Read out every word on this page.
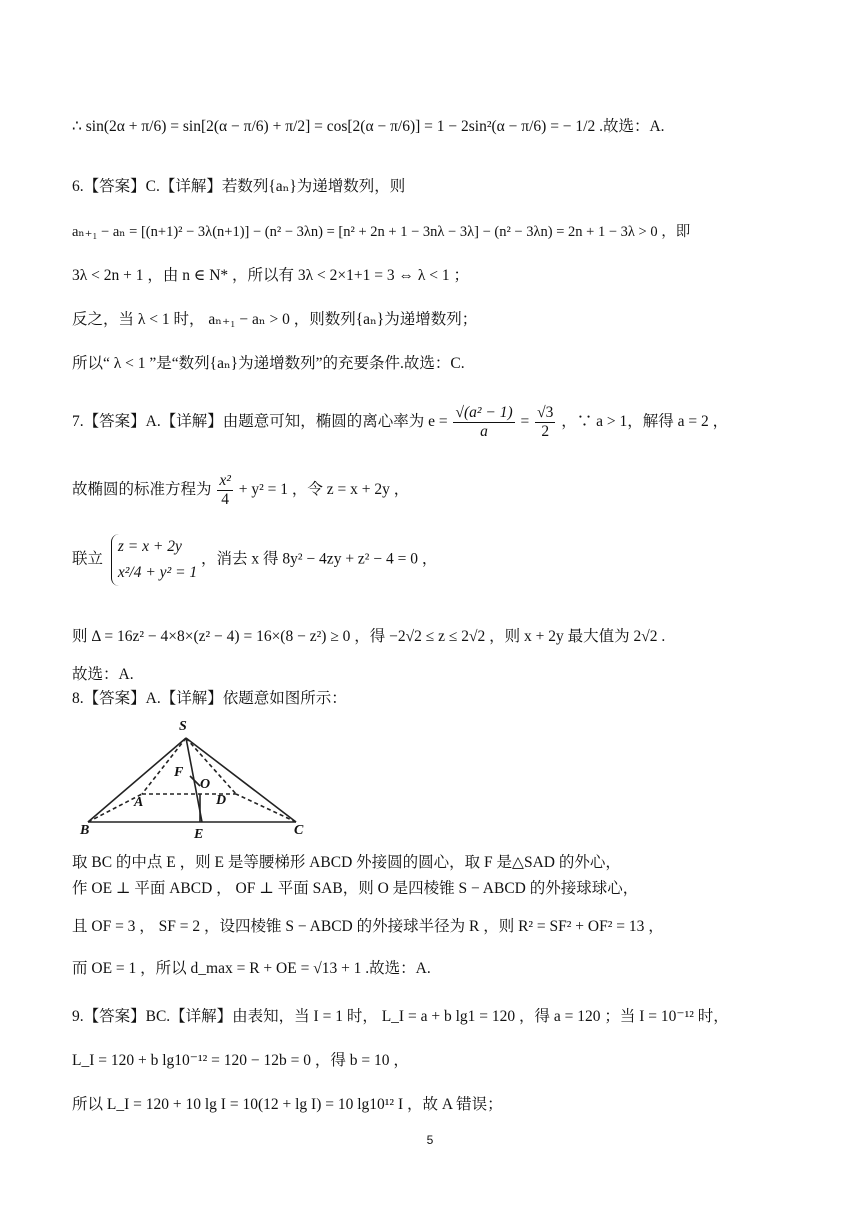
∴ sin(2α + π/6) = sin[2(α − π/6) + π/2] = cos[2(α − π/6)] = 1 − 2sin²(α − π/6) = − 1/2 .故选：A.
6.【答案】C.【详解】若数列{aₙ}为递增数列，则
aₙ₊₁ − aₙ = [(n+1)² − 3λ(n+1)] − (n² − 3λn) = [n² + 2n + 1 − 3nλ − 3λ] − (n² − 3λn) = 2n + 1 − 3λ > 0 ，即
3λ < 2n + 1 ，由 n ∈ N* ，所以有 3λ < 2×1+1 = 3 ⇔ λ < 1 ；
反之，当 λ < 1 时， aₙ₊₁ − aₙ > 0 ，则数列{aₙ}为递增数列；
所以“ λ < 1 ”是“数列{aₙ}为递增数列”的充要条件.故选：C.
7.【答案】A.【详解】由题意可知，椭圆的离心率为 $e = \frac{\text{√(a² − 1)}}{a} = \frac{√3}{2}$ ，∵ a > 1，解得 a = 2 ，
故椭圆的标准方程为 $\frac{\text{x²}}{4} + y^2 = 1$ ，令 z = x + 2y ，
联立
z = x + 2y
x²/4 + y² = 1
，消去 x 得 8y² − 4zy + z² − 4 = 0 ，
则 Δ = 16z² − 4×8×(z² − 4) = 16×(8 − z²) ≥ 0 ，得 −2√2 ≤ z ≤ 2√2 ，则 x + 2y 最大值为 2√2 .
故选：A.
8.【答案】A.【详解】依题意如图所示：
S
F
O
A	D
B	E	C
取 BC 的中点 E ，则 E 是等腰梯形 ABCD 外接圆的圆心，取 F 是△SAD 的外心，
作 OE ⊥ 平面 ABCD ， OF ⊥ 平面 SAB，则 O 是四棱锥 S − ABCD 的外接球球心，
且 OF = 3 ， SF = 2 ，设四棱锥 S − ABCD 的外接球半径为 R ，则 R² = SF² + OF² = 13 ，
而 OE = 1 ，所以 d_max = R + OE = √13 + 1 .故选：A.
9.【答案】BC.【详解】由表知，当 I = 1 时， L_I = a + b lg1 = 120 ，得 a = 120 ；当 I = 10⁻¹² 时，
L_I = 120 + b lg10⁻¹² = 120 − 12b = 0 ，得 b = 10 ，
所以 L_I = 120 + 10 lg I = 10(12 + lg I) = 10 lg10¹² I ，故 A 错误；
5
